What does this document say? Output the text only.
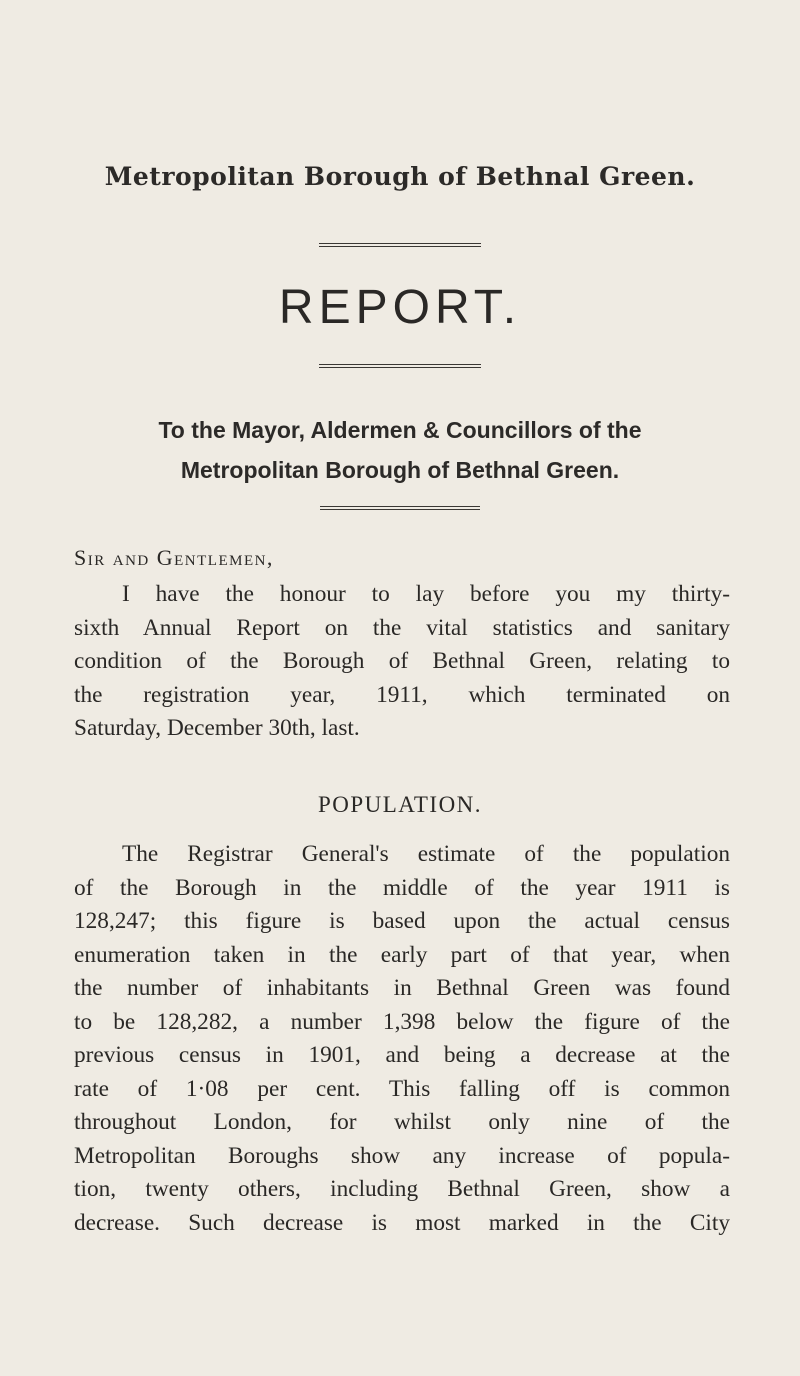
Metropolitan Borough of Bethnal Green.
REPORT.
To the Mayor, Aldermen & Councillors of the
Metropolitan Borough of Bethnal Green.
Sir and Gentlemen,
I have the honour to lay before you my thirty-
sixth Annual Report on the vital statistics and sanitary
condition of the Borough of Bethnal Green, relating to
the registration year, 1911, which terminated on
Saturday, December 30th, last.
POPULATION.
The Registrar General's estimate of the population
of the Borough in the middle of the year 1911 is
128,247; this figure is based upon the actual census
enumeration taken in the early part of that year, when
the number of inhabitants in Bethnal Green was found
to be 128,282, a number 1,398 below the figure of the
previous census in 1901, and being a decrease at the
rate of 1·08 per cent. This falling off is common
throughout London, for whilst only nine of the
Metropolitan Boroughs show any increase of popula-
tion, twenty others, including Bethnal Green, show a
decrease. Such decrease is most marked in the City
